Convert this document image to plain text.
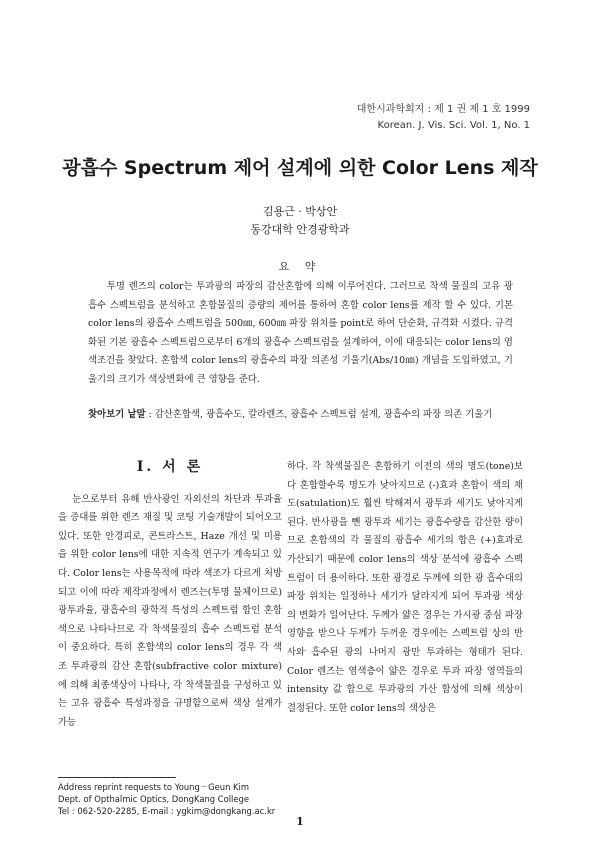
대한시과학회지 : 제 1 권 제 1 호 1999
Korean. J. Vis. Sci. Vol. 1, No. 1
광흡수 Spectrum 제어 설계에 의한 Color Lens 제작
김용근 · 박상안
동강대학 안경광학과
요 약

투명 렌즈의 color는 투과광의 파장의 감산혼합에 의해 이루어진다. 그러므로 착색 물질의 고유 광흡수 스펙트럼을 분석하고 혼합물질의 증량의 제어를 통하여 혼합 color lens를 제작 할 수 있다. 기본 color lens의 광흡수 스펙트럼을 500㎚, 600㎚ 파장 위치를 point로 하여 단순화, 규격화 시켰다. 규격화된 기본 광흡수 스펙트럼으로부터 6개의 광흡수 스펙트럼을 설계하여, 이에 대응되는 color lens의 염색조건을 찾았다. 혼합색 color lens의 광흡수의 파장 의존성 기울기(Abs/10㎚) 개념을 도입하였고, 기울기의 크기가 색상변화에 큰 영향을 준다.

찾아보기 낱말 : 감산혼합색, 광흡수도, 칼라렌즈, 광흡수 스펙트럼 설계, 광흡수의 파장 의존 기울기
I. 서 론

눈으로부터 유해 반사광인 자외선의 차단과 투과율을 증대를 위한 렌즈 재질 및 코팅 기술개발이 되어오고 있다. 또한 안경피로, 콘트라스트, Haze 개선 및 미용을 위한 color lens에 대한 지속적 연구가 계속되고 있다. Color lens는 사용목적에 따라 색조가 다르게 처방되고 이에 따라 제작과정에서 렌즈는(투명 물체이므로) 광투과율, 광흡수의 광학적 특성의 스펙트럼 합인 혼합색으로 나타나므로 각 착색물질의 흡수 스펙트럼 분석이 중요하다. 특히 혼합색의 color lens의 경우 각 색조 투과광의 감산 혼합(subfractive color mixture)에 의해 최종색상이 나타나, 각 착색물질을 구성하고 있는 고유 광흡수 특성과정을 규명함으로써 색상 설계가 가능

하다. 각 착색물질은 혼합하기 이전의 색의 명도(tone)보다 혼합할수록 명도가 낮아지므로 (-)효과 혼합이 색의 채도(satulation)도 훨씬 탁해져서 광투과 세기도 낮아지게 된다. 반사광을 뺀 광투과 세기는 광흡수량을 감산한 량이므로 혼합색의 각 물질의 광흡수 세기의 합은 (+)효과로 가산되기 때문에 color lens의 색상 분석에 광흡수 스펙트럼이 더 용이하다. 또한 광경로 두께에 의한 광 흡수대의 파장 위치는 일정하나 세기가 달라지게 되어 투과광 색상의 변화가 일어난다. 두께가 얇은 경우는 가시광 중심 파장 영향을 받으나 두께가 두꺼운 경우에는 스펙트럼 상의 반사와 흡수된 광의 나머지 광만 투과하는 형태가 된다. Color 렌즈는 염색층이 얇은 경우로 투과 파장 영역들의 intensity 값 합으로 투과광의 가산 합성에 의해 색상이 결정된다. 또한 color lens의 색상은

Address reprint requests to Young－Geun Kim
Dept. of Opthalmic Optics, DongKang College
Tel : 062-520-2285, E-mail : ygkim@dongkang.ac.kr
1
